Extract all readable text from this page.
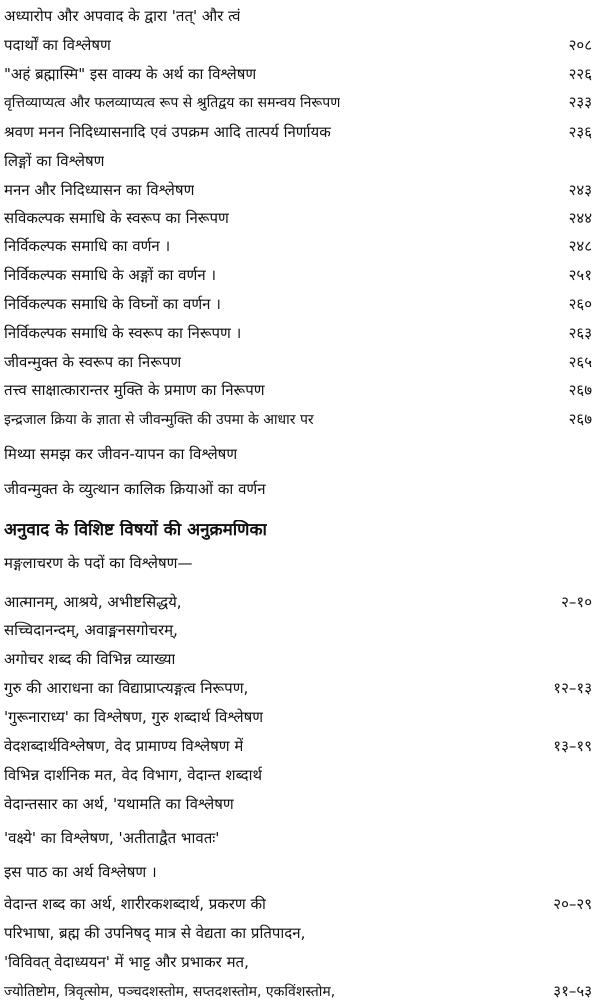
अध्यारोप और अपवाद के द्वारा 'तत्' और त्वं
पदार्थों का विश्लेषण	२०८
"अहं ब्रह्मास्मि" इस वाक्य के अर्थ का विश्लेषण	२२६
वृत्तिव्याप्यत्व और फलव्याप्यत्व रूप से श्रुतिद्वय का समन्वय निरूपण	२३३
श्रवण मनन निदिध्यासनादि एवं उपक्रम आदि तात्पर्य निर्णायक	२३६
लिङ्गों का विश्लेषण
मनन और निदिध्यासन का विश्लेषण	२४३
सविकल्पक समाधि के स्वरूप का निरूपण	२४४
निर्विकल्पक समाधि का वर्णन ।	२४८
निर्विकल्पक समाधि के अङ्गों का वर्णन ।	२५१
निर्विकल्पक समाधि के विघ्नों का वर्णन ।	२६०
निर्विकल्पक समाधि के स्वरूप का निरूपण ।	२६३
जीवन्मुक्त के स्वरूप का निरूपण	२६५
तत्त्व साक्षात्कारान्तर मुक्ति के प्रमाण का निरूपण	२६७
इन्द्रजाल क्रिया के ज्ञाता से जीवन्मुक्ति की उपमा के आधार पर	२६७
मिथ्या समझ कर जीवन-यापन का विश्लेषण
जीवन्मुक्त के व्युत्थान कालिक क्रियाओं का वर्णन
अनुवाद के विशिष्ट विषयों की अनुक्रमणिका
मङ्गलाचरण के पदों का विश्लेषण—
आत्मानम्, आश्रये, अभीष्टसिद्धये,	२–१०
सच्चिदानन्दम्, अवाङ्मनसगोचरम्,
अगोचर शब्द की विभिन्न व्याख्या
गुरु की आराधना का विद्याप्राप्त्यङ्गत्व निरूपण,	१२–१३
'गुरूनाराध्य' का विश्लेषण, गुरु शब्दार्थ विश्लेषण
वेदशब्दार्थविश्लेषण, वेद प्रामाण्य विश्लेषण में	१३–१९
विभिन्न दार्शनिक मत, वेद विभाग, वेदान्त शब्दार्थ
वेदान्तसार का अर्थ, 'यथामति का विश्लेषण
'वक्ष्ये' का विश्लेषण, 'अतीताद्वैत भावतः'
इस पाठ का अर्थ विश्लेषण ।
वेदान्त शब्द का अर्थ, शारीरकशब्दार्थ, प्रकरण की	२०–२९
परिभाषा, ब्रह्म की उपनिषद् मात्र से वेद्यता का प्रतिपादन,
'विविवत् वेदाध्ययन' में भाट्ट और प्रभाकर मत,
ज्योतिष्टोम, त्रिवृत्सोम, पञ्चदशस्तोम, सप्तदशस्तोम, एकविंशस्तोम,	३१–५३
